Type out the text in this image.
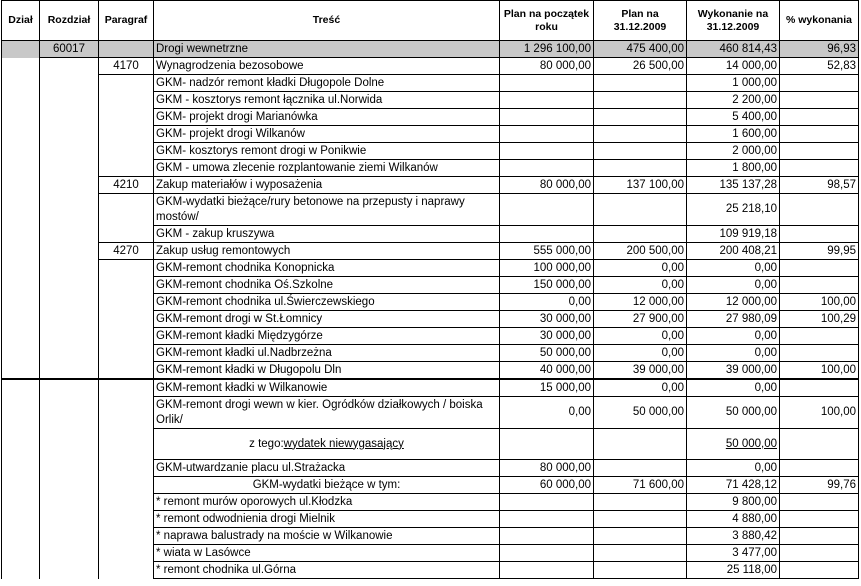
Dział	Rozdział	Paragraf	Treść	Plan na początek roku	Plan na 31.12.2009	Wykonanie na 31.12.2009	% wykonania
	60017		Drogi wewnetrzne	1 296 100,00	475 400,00	460 814,43	96,93
		4170	Wynagrodzenia bezosobowe	80 000,00	26 500,00	14 000,00	52,83
			GKM- nadzór remont kładki Długopole Dolne			1 000,00	
			GKM - kosztorys remont łącznika ul.Norwida			2 200,00	
			GKM- projekt drogi Marianówka			5 400,00	
			GKM- projekt drogi Wilkanów			1 600,00	
			GKM- kosztorys remont drogi w Ponikwie			2 000,00	
			GKM - umowa zlecenie rozplantowanie ziemi Wilkanów			1 800,00	
		4210	Zakup materiałów i wyposażenia	80 000,00	137 100,00	135 137,28	98,57
			GKM-wydatki bieżące/rury betonowe na przepusty i naprawy mostów/			25 218,10	
			GKM - zakup kruszywa			109 919,18	
		4270	Zakup usług remontowych	555 000,00	200 500,00	200 408,21	99,95
			GKM-remont chodnika Konopnicka	100 000,00	0,00	0,00	
			GKM-remont chodnika Oś.Szkolne	150 000,00	0,00	0,00	
			GKM-remont chodnika ul.Świerczewskiego	0,00	12 000,00	12 000,00	100,00
			GKM-remont drogi w St.Łomnicy	30 000,00	27 900,00	27 980,09	100,29
			GKM-remont kładki Międzygórze	30 000,00	0,00	0,00	
			GKM-remont kładki ul.Nadbrzeżna	50 000,00	0,00	0,00	
			GKM-remont kładki w Długopolu Dln	40 000,00	39 000,00	39 000,00	100,00
			GKM-remont kładki w Wilkanowie	15 000,00	0,00	0,00	
			GKM-remont drogi wewn w kier. Ogródków działkowych / boiska Orlik/	0,00	50 000,00	50 000,00	100,00
			z tego:wydatek niewygasający			50 000,00	
			GKM-utwardzanie placu ul.Strażacka	80 000,00		0,00	
			GKM-wydatki bieżące w tym:	60 000,00	71 600,00	71 428,12	99,76
			* remont murów oporowych ul.Kłodzka			9 800,00	
			* remont odwodnienia drogi Mielnik			4 880,00	
			* naprawa balustrady na moście w Wilkanowie			3 880,42	
			* wiata w Lasówce			3 477,00	
			* remont chodnika ul.Górna			25 118,00	
